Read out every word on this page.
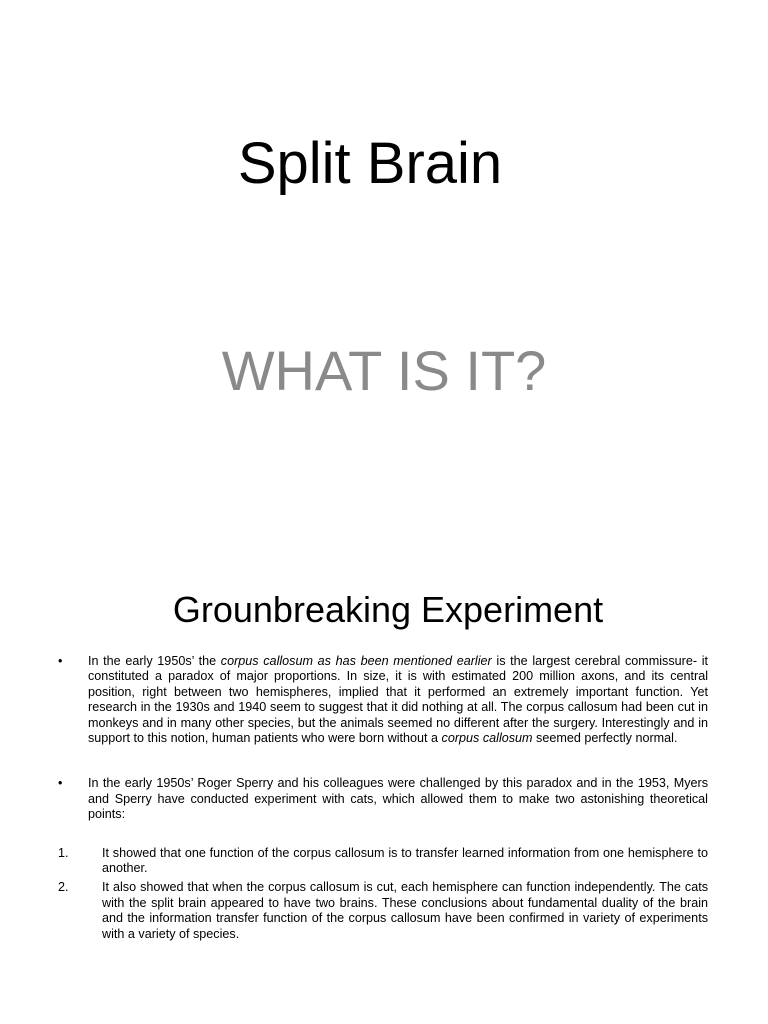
Split Brain
WHAT IS IT?
Grounbreaking Experiment
• In the early 1950s’ the corpus callosum as has been mentioned earlier is the largest cerebral commissure- it constituted a paradox of major proportions. In size, it is with estimated 200 million axons, and its central position, right between two hemispheres, implied that it performed an extremely important function. Yet research in the 1930s and 1940 seem to suggest that it did nothing at all. The corpus callosum had been cut in monkeys and in many other species, but the animals seemed no different after the surgery. Interestingly and in support to this notion, human patients who were born without a corpus callosum seemed perfectly normal.
• In the early 1950s’ Roger Sperry and his colleagues were challenged by this paradox and in the 1953, Myers and Sperry have conducted experiment with cats, which allowed them to make two astonishing theoretical points:
1.	It showed that one function of the corpus callosum is to transfer learned information from one hemisphere to another.
2.	It also showed that when the corpus callosum is cut, each hemisphere can function independently. The cats with the split brain appeared to have two brains. These conclusions about fundamental duality of the brain and the information transfer function of the corpus callosum have been confirmed in variety of experiments with a variety of species.
